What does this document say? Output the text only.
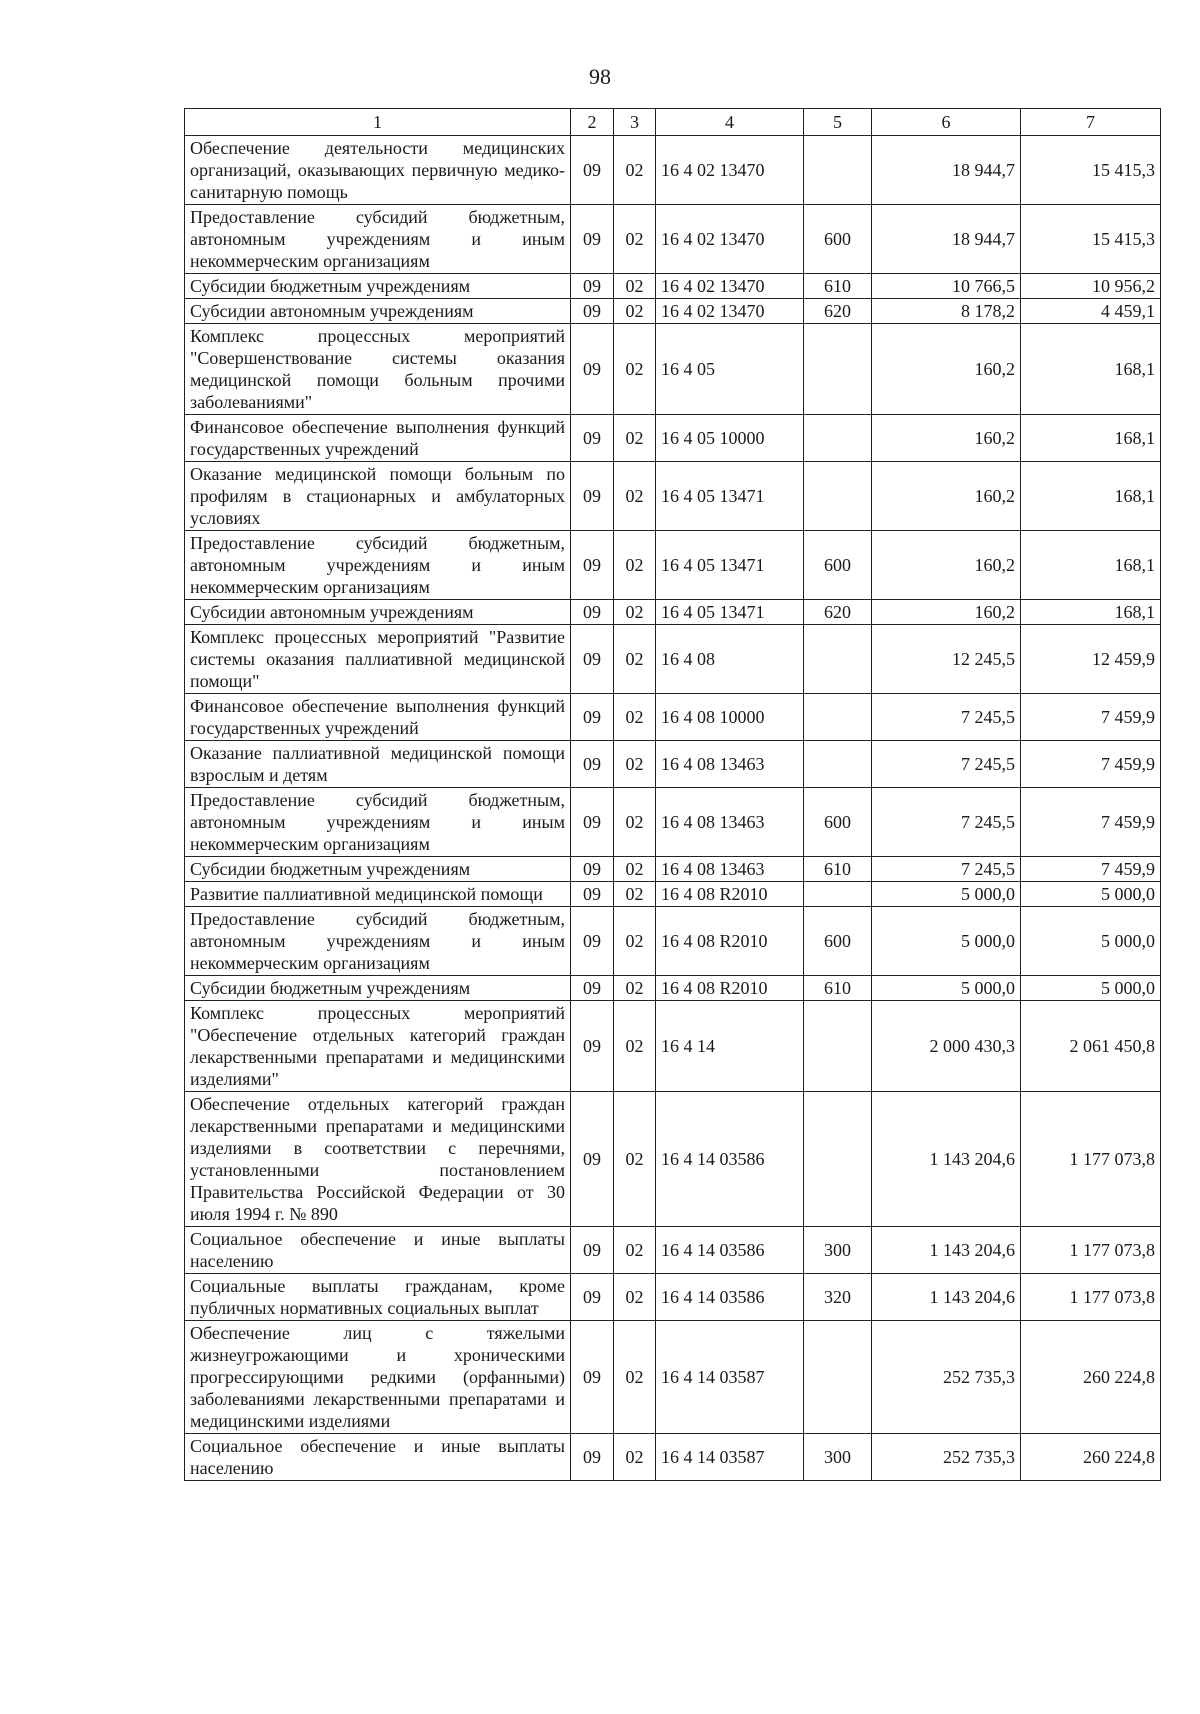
98
1	2	3	4	5	6	7
Обеспечение деятельности медицинских организаций, оказывающих первичную медико-санитарную помощь	09	02	16 4 02 13470		18 944,7	15 415,3
Предоставление субсидий бюджетным, автономным учреждениям и иным некоммерческим организациям	09	02	16 4 02 13470	600	18 944,7	15 415,3
Субсидии бюджетным учреждениям	09	02	16 4 02 13470	610	10 766,5	10 956,2
Субсидии автономным учреждениям	09	02	16 4 02 13470	620	8 178,2	4 459,1
Комплекс процессных мероприятий "Совершенствование системы оказания медицинской помощи больным прочими заболеваниями"	09	02	16 4 05		160,2	168,1
Финансовое обеспечение выполнения функций государственных учреждений	09	02	16 4 05 10000		160,2	168,1
Оказание медицинской помощи больным по профилям в стационарных и амбулаторных условиях	09	02	16 4 05 13471		160,2	168,1
Предоставление субсидий бюджетным, автономным учреждениям и иным некоммерческим организациям	09	02	16 4 05 13471	600	160,2	168,1
Субсидии автономным учреждениям	09	02	16 4 05 13471	620	160,2	168,1
Комплекс процессных мероприятий "Развитие системы оказания паллиативной медицинской помощи"	09	02	16 4 08		12 245,5	12 459,9
Финансовое обеспечение выполнения функций государственных учреждений	09	02	16 4 08 10000		7 245,5	7 459,9
Оказание паллиативной медицинской помощи взрослым и детям	09	02	16 4 08 13463		7 245,5	7 459,9
Предоставление субсидий бюджетным, автономным учреждениям и иным некоммерческим организациям	09	02	16 4 08 13463	600	7 245,5	7 459,9
Субсидии бюджетным учреждениям	09	02	16 4 08 13463	610	7 245,5	7 459,9
Развитие паллиативной медицинской помощи	09	02	16 4 08 R2010		5 000,0	5 000,0
Предоставление субсидий бюджетным, автономным учреждениям и иным некоммерческим организациям	09	02	16 4 08 R2010	600	5 000,0	5 000,0
Субсидии бюджетным учреждениям	09	02	16 4 08 R2010	610	5 000,0	5 000,0
Комплекс процессных мероприятий "Обеспечение отдельных категорий граждан лекарственными препаратами и медицинскими изделиями"	09	02	16 4 14		2 000 430,3	2 061 450,8
Обеспечение отдельных категорий граждан лекарственными препаратами и медицинскими изделиями в соответствии с перечнями, установленными постановлением Правительства Российской Федерации от 30 июля 1994 г. № 890	09	02	16 4 14 03586		1 143 204,6	1 177 073,8
Социальное обеспечение и иные выплаты населению	09	02	16 4 14 03586	300	1 143 204,6	1 177 073,8
Социальные выплаты гражданам, кроме публичных нормативных социальных выплат	09	02	16 4 14 03586	320	1 143 204,6	1 177 073,8
Обеспечение лиц с тяжелыми жизнеугрожающими и хроническими прогрессирующими редкими (орфанными) заболеваниями лекарственными препаратами и медицинскими изделиями	09	02	16 4 14 03587		252 735,3	260 224,8
Социальное обеспечение и иные выплаты населению	09	02	16 4 14 03587	300	252 735,3	260 224,8
